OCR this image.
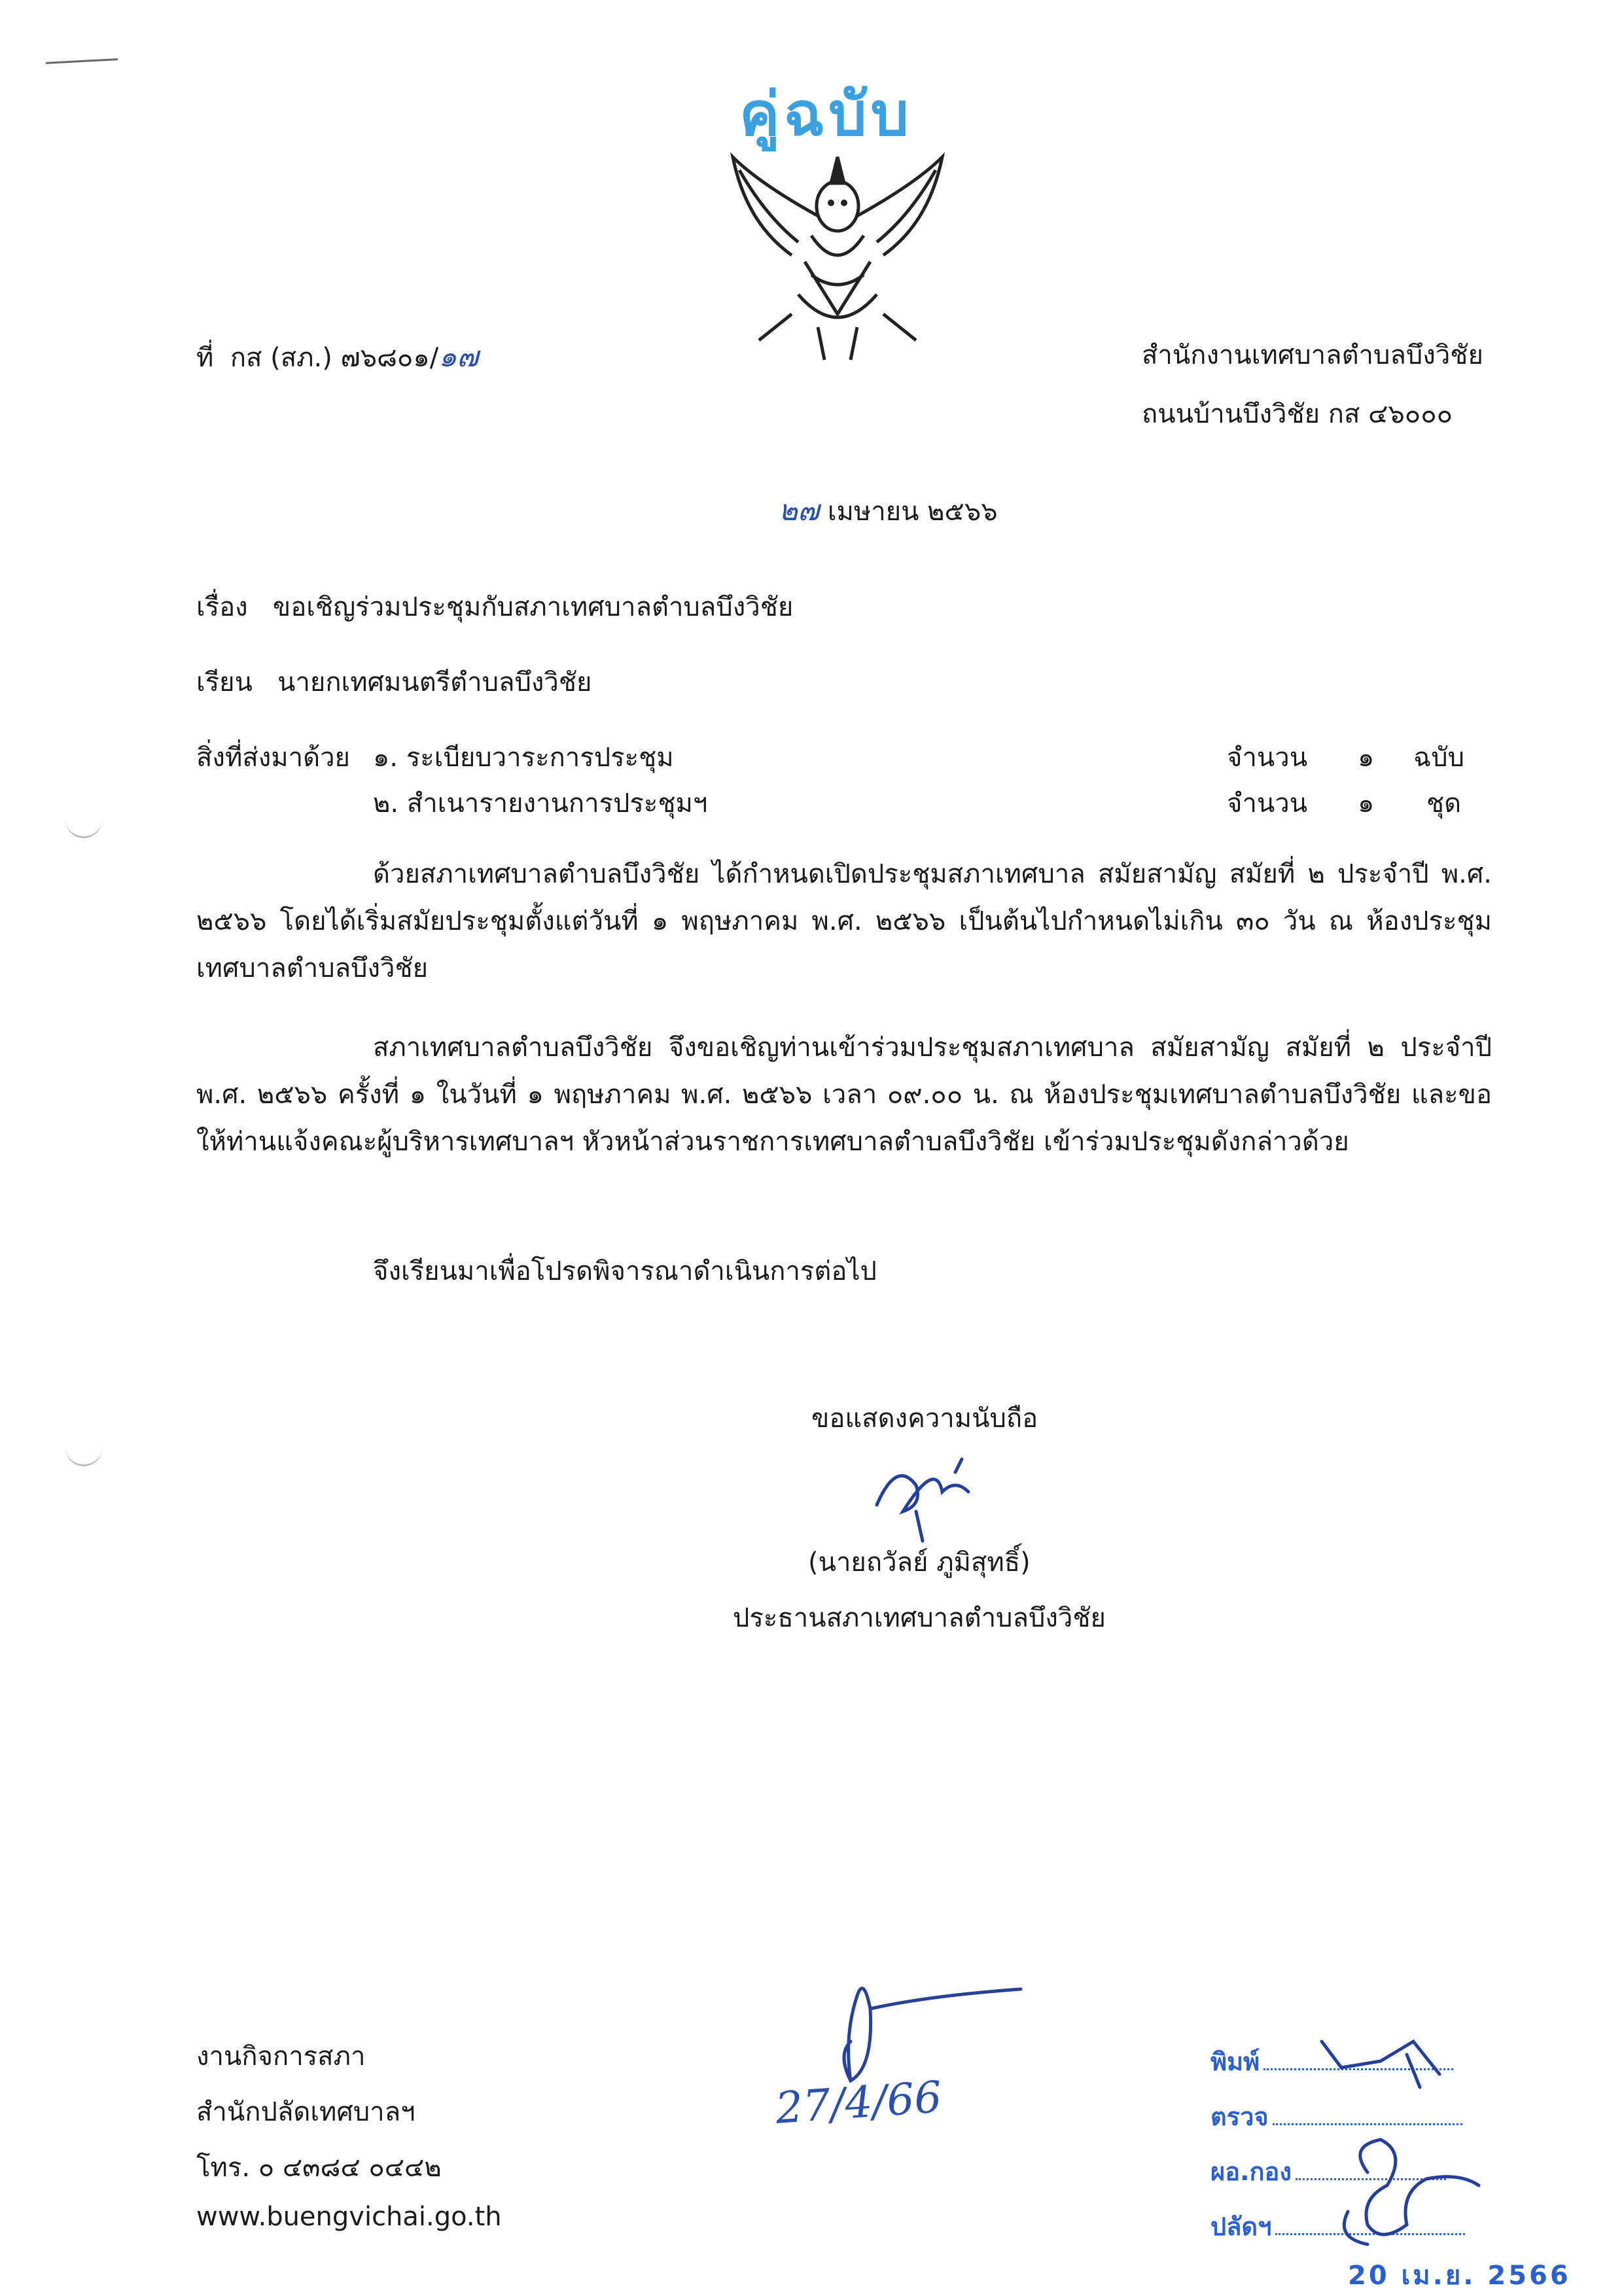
คู่ฉบับ
ที่ กส (สภ.) ๗๖๘๐๑/๑๗	สำนักงานเทศบาลตำบลบึงวิชัย
ถนนบ้านบึงวิชัย กส ๔๖๐๐๐
๒๗ เมษายน ๒๕๖๖
เรื่อง ขอเชิญร่วมประชุมกับสภาเทศบาลตำบลบึงวิชัย
เรียน นายกเทศมนตรีตำบลบึงวิชัย
สิ่งที่ส่งมาด้วย ๑. ระเบียบวาระการประชุม	จำนวน ๑ ฉบับ
๒. สำเนารายงานการประชุมฯ	จำนวน ๑ ชุด
ด้วยสภาเทศบาลตำบลบึงวิชัย ได้กำหนดเปิดประชุมสภาเทศบาล สมัยสามัญ สมัยที่ ๒ ประจำปี พ.ศ. ๒๕๖๖ โดยได้เริ่มสมัยประชุมตั้งแต่วันที่ ๑ พฤษภาคม พ.ศ. ๒๕๖๖ เป็นต้นไปกำหนดไม่เกิน ๓๐ วัน ณ ห้องประชุมเทศบาลตำบลบึงวิชัย
สภาเทศบาลตำบลบึงวิชัย จึงขอเชิญท่านเข้าร่วมประชุมสภาเทศบาล สมัยสามัญ สมัยที่ ๒ ประจำปี พ.ศ. ๒๕๖๖ ครั้งที่ ๑ ในวันที่ ๑ พฤษภาคม พ.ศ. ๒๕๖๖ เวลา ๐๙.๐๐ น. ณ ห้องประชุมเทศบาลตำบลบึงวิชัย และขอให้ท่านแจ้งคณะผู้บริหารเทศบาลฯ หัวหน้าส่วนราชการเทศบาลตำบลบึงวิชัย เข้าร่วมประชุมดังกล่าวด้วย
จึงเรียนมาเพื่อโปรดพิจารณาดำเนินการต่อไป
ขอแสดงความนับถือ
(นายถวัลย์ ภูมิสุทธิ์)
ประธานสภาเทศบาลตำบลบึงวิชัย
งานกิจการสภา
สำนักปลัดเทศบาลฯ
โทร. ๐ ๔๓๘๔ ๐๔๔๒
www.buengvichai.go.th
27/4/66
พิมพ์
ตรวจ
ผอ.กอง
ปลัดฯ
20 เม.ย. 2566
